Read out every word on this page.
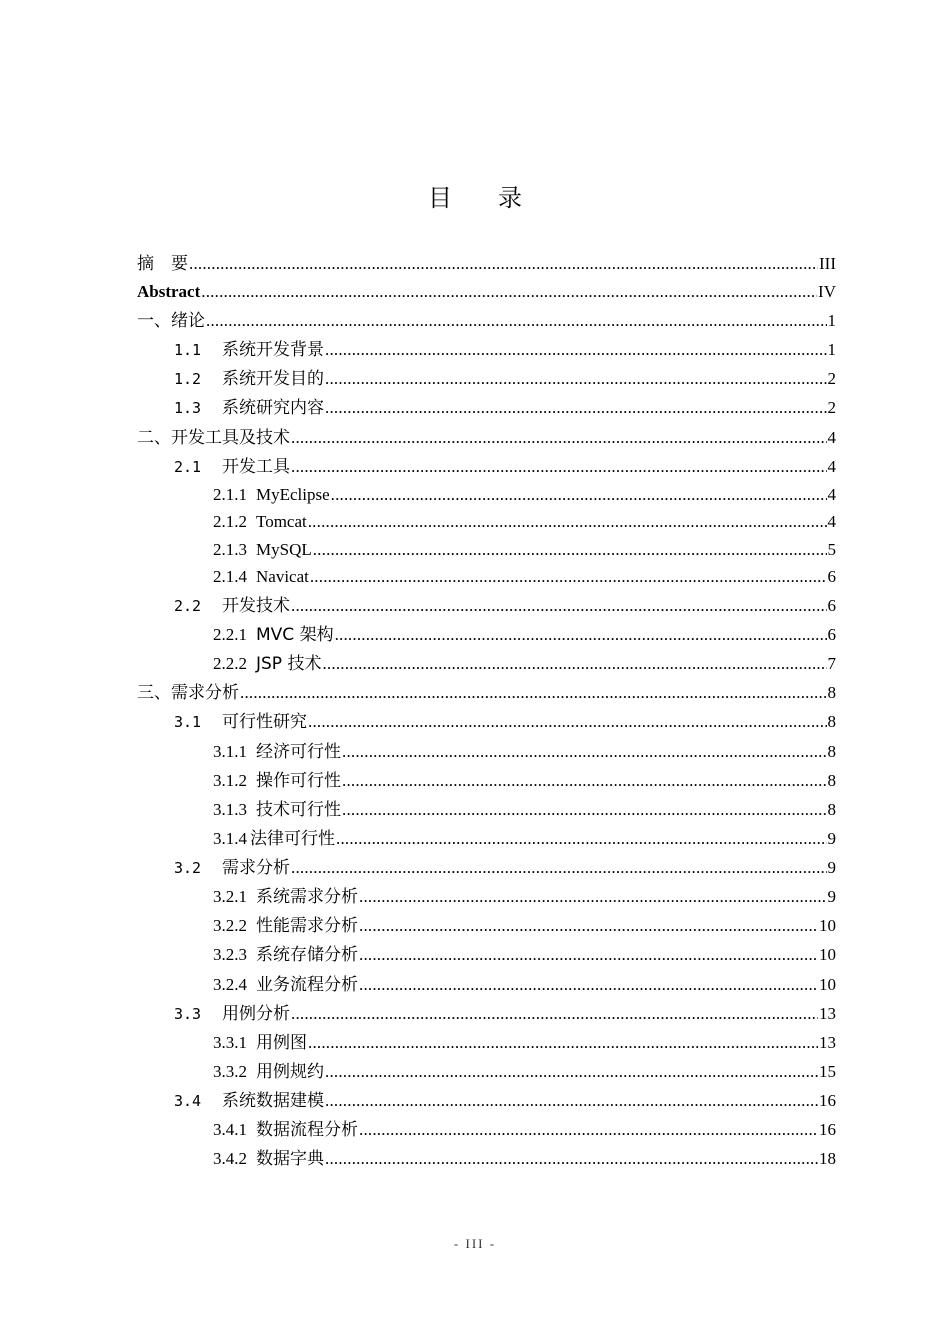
目 录
摘　要 .....	III
Abstract .....	IV
一、绪论 .....	1
1.1	系统开发背景 .....	1
1.2	系统开发目的 .....	2
1.3	系统研究内容 .....	2
二、开发工具及技术 .....	4
2.1	开发工具 .....	4
2.1.1 MyEclipse .....	4
2.1.2 Tomcat .....	4
2.1.3 MySQL .....	5
2.1.4 Navicat .....	6
2.2	开发技术 .....	6
2.2.1 MVC 架构 .....	6
2.2.2 JSP 技术 .....	7
三、需求分析 .....	8
3.1	可行性研究 .....	8
3.1.1 经济可行性 .....	8
3.1.2 操作可行性 .....	8
3.1.3 技术可行性 .....	8
3.1.4 法律可行性 .....	9
3.2	需求分析 .....	9
3.2.1 系统需求分析 .....	9
3.2.2 性能需求分析 .....	10
3.2.3 系统存储分析 .....	10
3.2.4 业务流程分析 .....	10
3.3	用例分析 .....	13
3.3.1 用例图 .....	13
3.3.2 用例规约 .....	15
3.4	系统数据建模 .....	16
3.4.1 数据流程分析 .....	16
3.4.2 数据字典 .....	18
- III -
